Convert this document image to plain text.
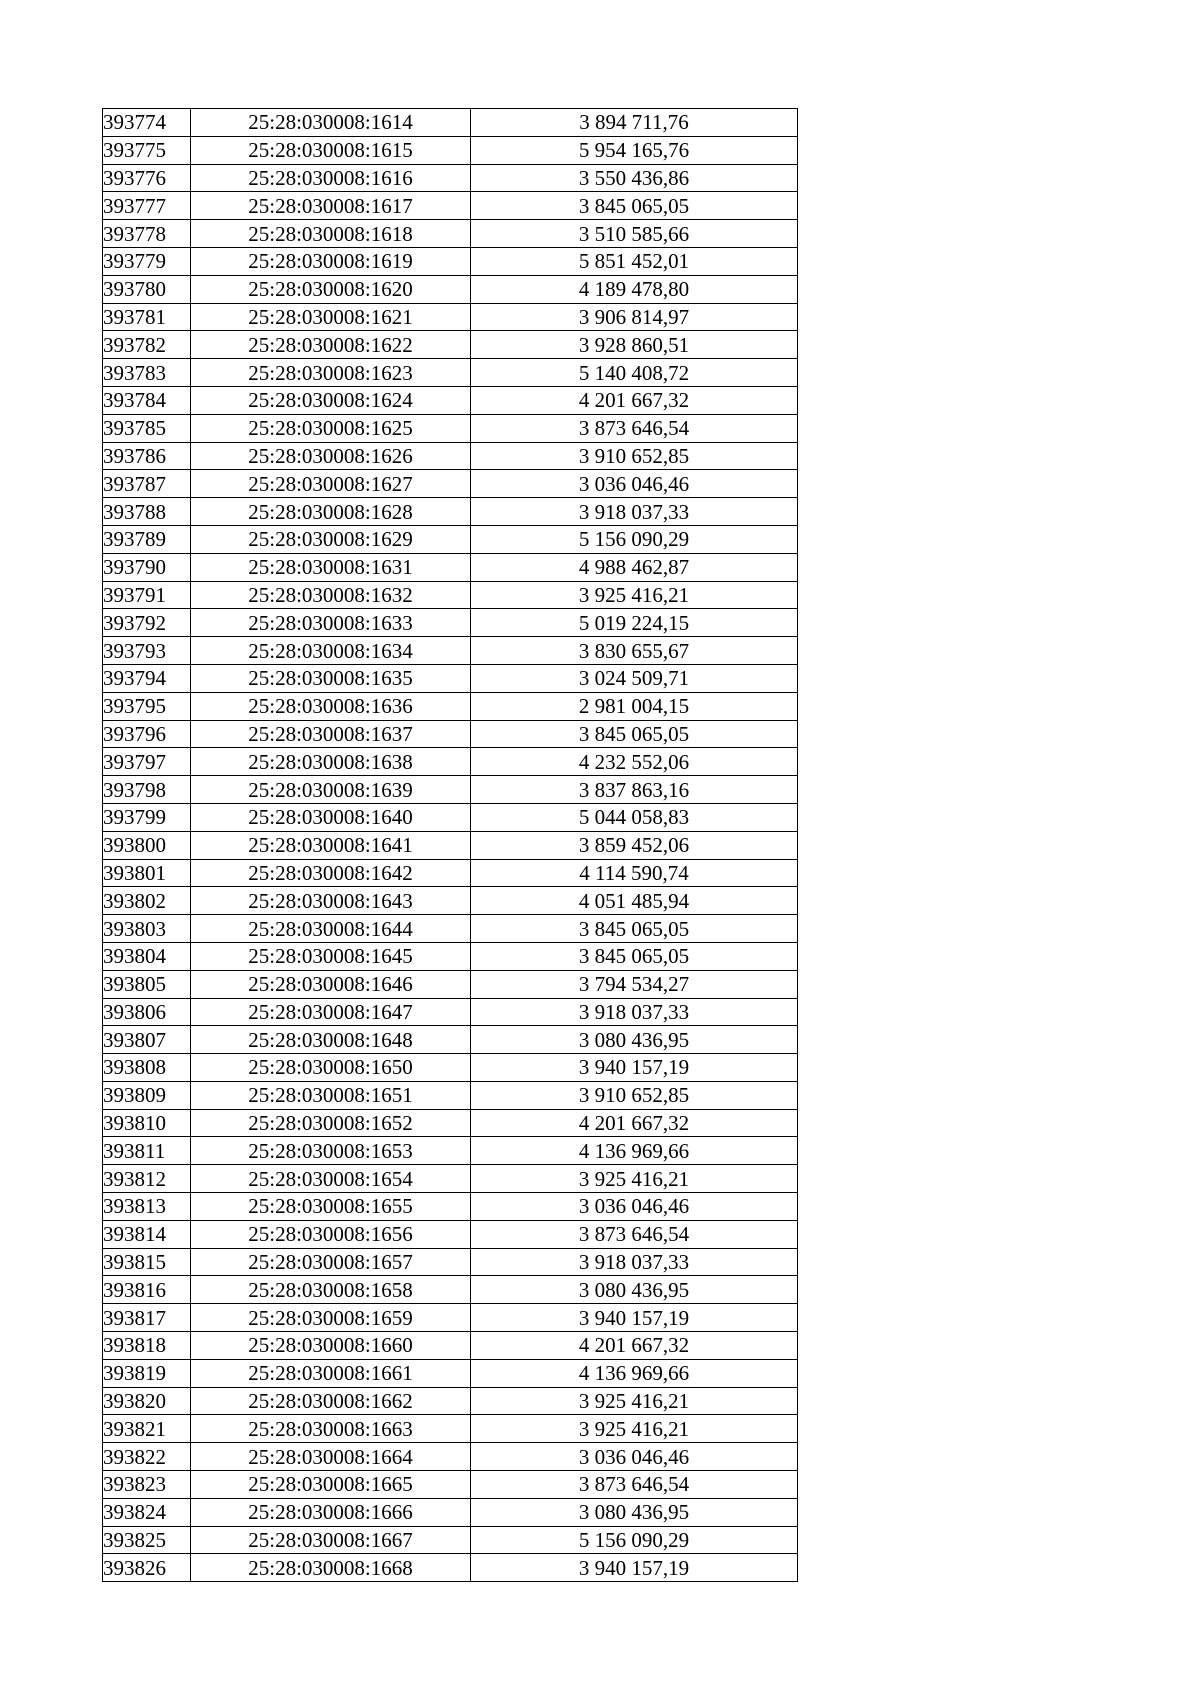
393774	25:28:030008:1614	3 894 711,76
393775	25:28:030008:1615	5 954 165,76
393776	25:28:030008:1616	3 550 436,86
393777	25:28:030008:1617	3 845 065,05
393778	25:28:030008:1618	3 510 585,66
393779	25:28:030008:1619	5 851 452,01
393780	25:28:030008:1620	4 189 478,80
393781	25:28:030008:1621	3 906 814,97
393782	25:28:030008:1622	3 928 860,51
393783	25:28:030008:1623	5 140 408,72
393784	25:28:030008:1624	4 201 667,32
393785	25:28:030008:1625	3 873 646,54
393786	25:28:030008:1626	3 910 652,85
393787	25:28:030008:1627	3 036 046,46
393788	25:28:030008:1628	3 918 037,33
393789	25:28:030008:1629	5 156 090,29
393790	25:28:030008:1631	4 988 462,87
393791	25:28:030008:1632	3 925 416,21
393792	25:28:030008:1633	5 019 224,15
393793	25:28:030008:1634	3 830 655,67
393794	25:28:030008:1635	3 024 509,71
393795	25:28:030008:1636	2 981 004,15
393796	25:28:030008:1637	3 845 065,05
393797	25:28:030008:1638	4 232 552,06
393798	25:28:030008:1639	3 837 863,16
393799	25:28:030008:1640	5 044 058,83
393800	25:28:030008:1641	3 859 452,06
393801	25:28:030008:1642	4 114 590,74
393802	25:28:030008:1643	4 051 485,94
393803	25:28:030008:1644	3 845 065,05
393804	25:28:030008:1645	3 845 065,05
393805	25:28:030008:1646	3 794 534,27
393806	25:28:030008:1647	3 918 037,33
393807	25:28:030008:1648	3 080 436,95
393808	25:28:030008:1650	3 940 157,19
393809	25:28:030008:1651	3 910 652,85
393810	25:28:030008:1652	4 201 667,32
393811	25:28:030008:1653	4 136 969,66
393812	25:28:030008:1654	3 925 416,21
393813	25:28:030008:1655	3 036 046,46
393814	25:28:030008:1656	3 873 646,54
393815	25:28:030008:1657	3 918 037,33
393816	25:28:030008:1658	3 080 436,95
393817	25:28:030008:1659	3 940 157,19
393818	25:28:030008:1660	4 201 667,32
393819	25:28:030008:1661	4 136 969,66
393820	25:28:030008:1662	3 925 416,21
393821	25:28:030008:1663	3 925 416,21
393822	25:28:030008:1664	3 036 046,46
393823	25:28:030008:1665	3 873 646,54
393824	25:28:030008:1666	3 080 436,95
393825	25:28:030008:1667	5 156 090,29
393826	25:28:030008:1668	3 940 157,19
